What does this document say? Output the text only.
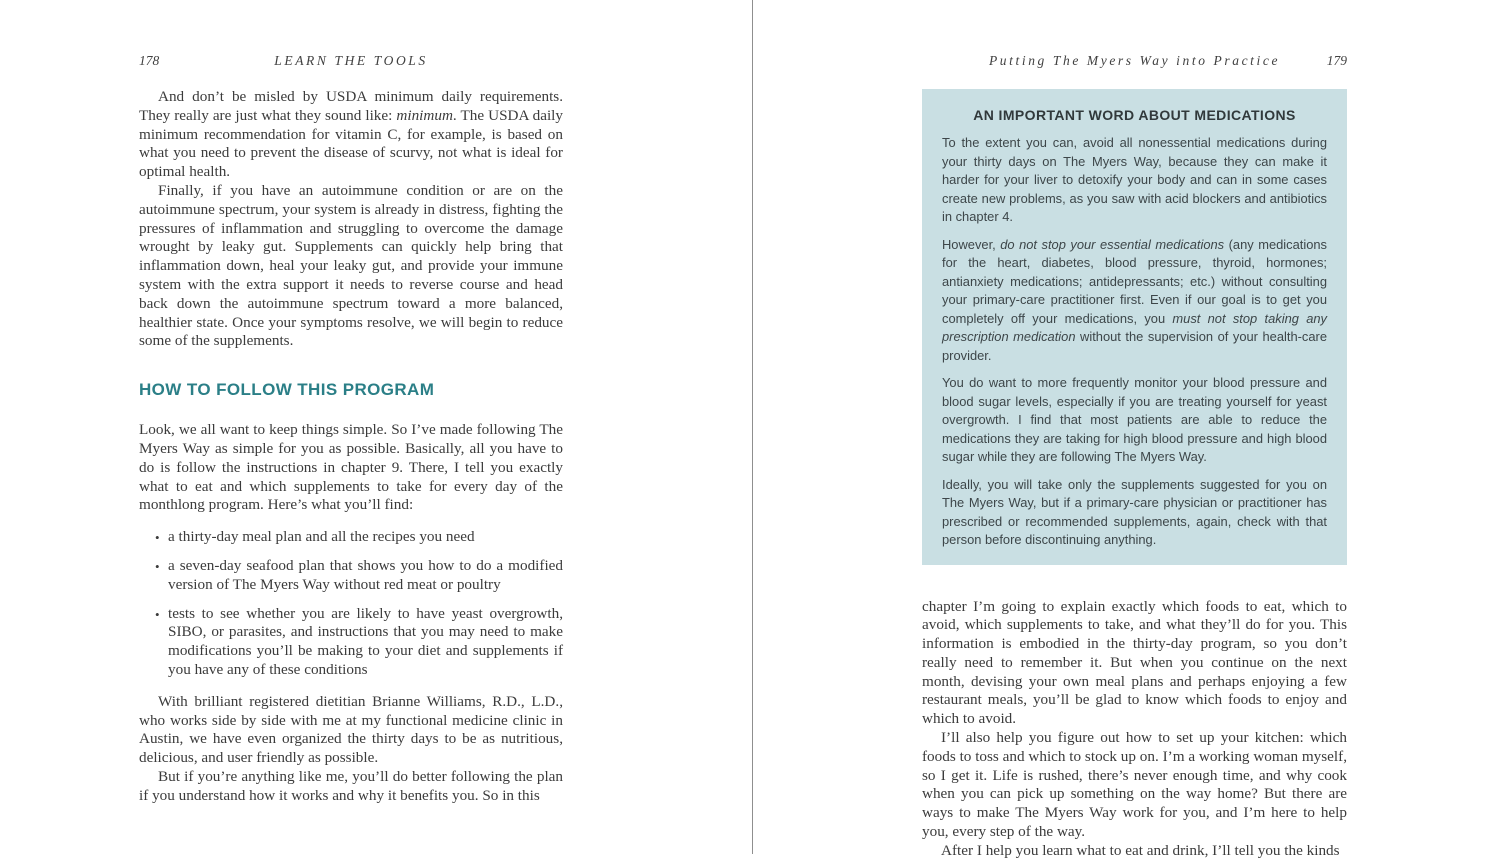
178	LEARN THE TOOLS

And don’t be misled by USDA minimum daily requirements. They really are just what they sound like: minimum. The USDA daily minimum recommendation for vitamin C, for example, is based on what you need to prevent the disease of scurvy, not what is ideal for optimal health.

Finally, if you have an autoimmune condition or are on the autoimmune spectrum, your system is already in distress, fighting the pressures of inflammation and struggling to overcome the damage wrought by leaky gut. Supplements can quickly help bring that inflammation down, heal your leaky gut, and provide your immune system with the extra support it needs to reverse course and head back down the autoimmune spectrum toward a more balanced, healthier state. Once your symptoms resolve, we will begin to reduce some of the supplements.

HOW TO FOLLOW THIS PROGRAM

Look, we all want to keep things simple. So I’ve made following The Myers Way as simple for you as possible. Basically, all you have to do is follow the instructions in chapter 9. There, I tell you exactly what to eat and which supplements to take for every day of the monthlong program. Here’s what you’ll find:

• a thirty-day meal plan and all the recipes you need
• a seven-day seafood plan that shows you how to do a modified version of The Myers Way without red meat or poultry
• tests to see whether you are likely to have yeast overgrowth, SIBO, or parasites, and instructions that you may need to make modifications you’ll be making to your diet and supplements if you have any of these conditions

With brilliant registered dietitian Brianne Williams, R.D., L.D., who works side by side with me at my functional medicine clinic in Austin, we have even organized the thirty days to be as nutritious, delicious, and user friendly as possible.

But if you’re anything like me, you’ll do better following the plan if you understand how it works and why it benefits you. So in this

Putting The Myers Way into Practice	179
AN IMPORTANT WORD ABOUT MEDICATIONS

To the extent you can, avoid all nonessential medications during your thirty days on The Myers Way, because they can make it harder for your liver to detoxify your body and can in some cases create new problems, as you saw with acid blockers and antibiotics in chapter 4.

However, do not stop your essential medications (any medications for the heart, diabetes, blood pressure, thyroid, hormones; antianxiety medications; antidepressants; etc.) without consulting your primary-care practitioner first. Even if our goal is to get you completely off your medications, you must not stop taking any prescription medication without the supervision of your health-care provider.

You do want to more frequently monitor your blood pressure and blood sugar levels, especially if you are treating yourself for yeast overgrowth. I find that most patients are able to reduce the medications they are taking for high blood pressure and high blood sugar while they are following The Myers Way.

Ideally, you will take only the supplements suggested for you on The Myers Way, but if a primary-care physician or practitioner has prescribed or recommended supplements, again, check with that person before discontinuing anything.

chapter I’m going to explain exactly which foods to eat, which to avoid, which supplements to take, and what they’ll do for you. This information is embodied in the thirty-day program, so you don’t really need to remember it. But when you continue on the next month, devising your own meal plans and perhaps enjoying a few restaurant meals, you’ll be glad to know which foods to enjoy and which to avoid.

I’ll also help you figure out how to set up your kitchen: which foods to toss and which to stock up on. I’m a working woman myself, so I get it. Life is rushed, there’s never enough time, and why cook when you can pick up something on the way home? But there are ways to make The Myers Way work for you, and I’m here to help you, every step of the way.

After I help you learn what to eat and drink, I’ll tell you the kinds
